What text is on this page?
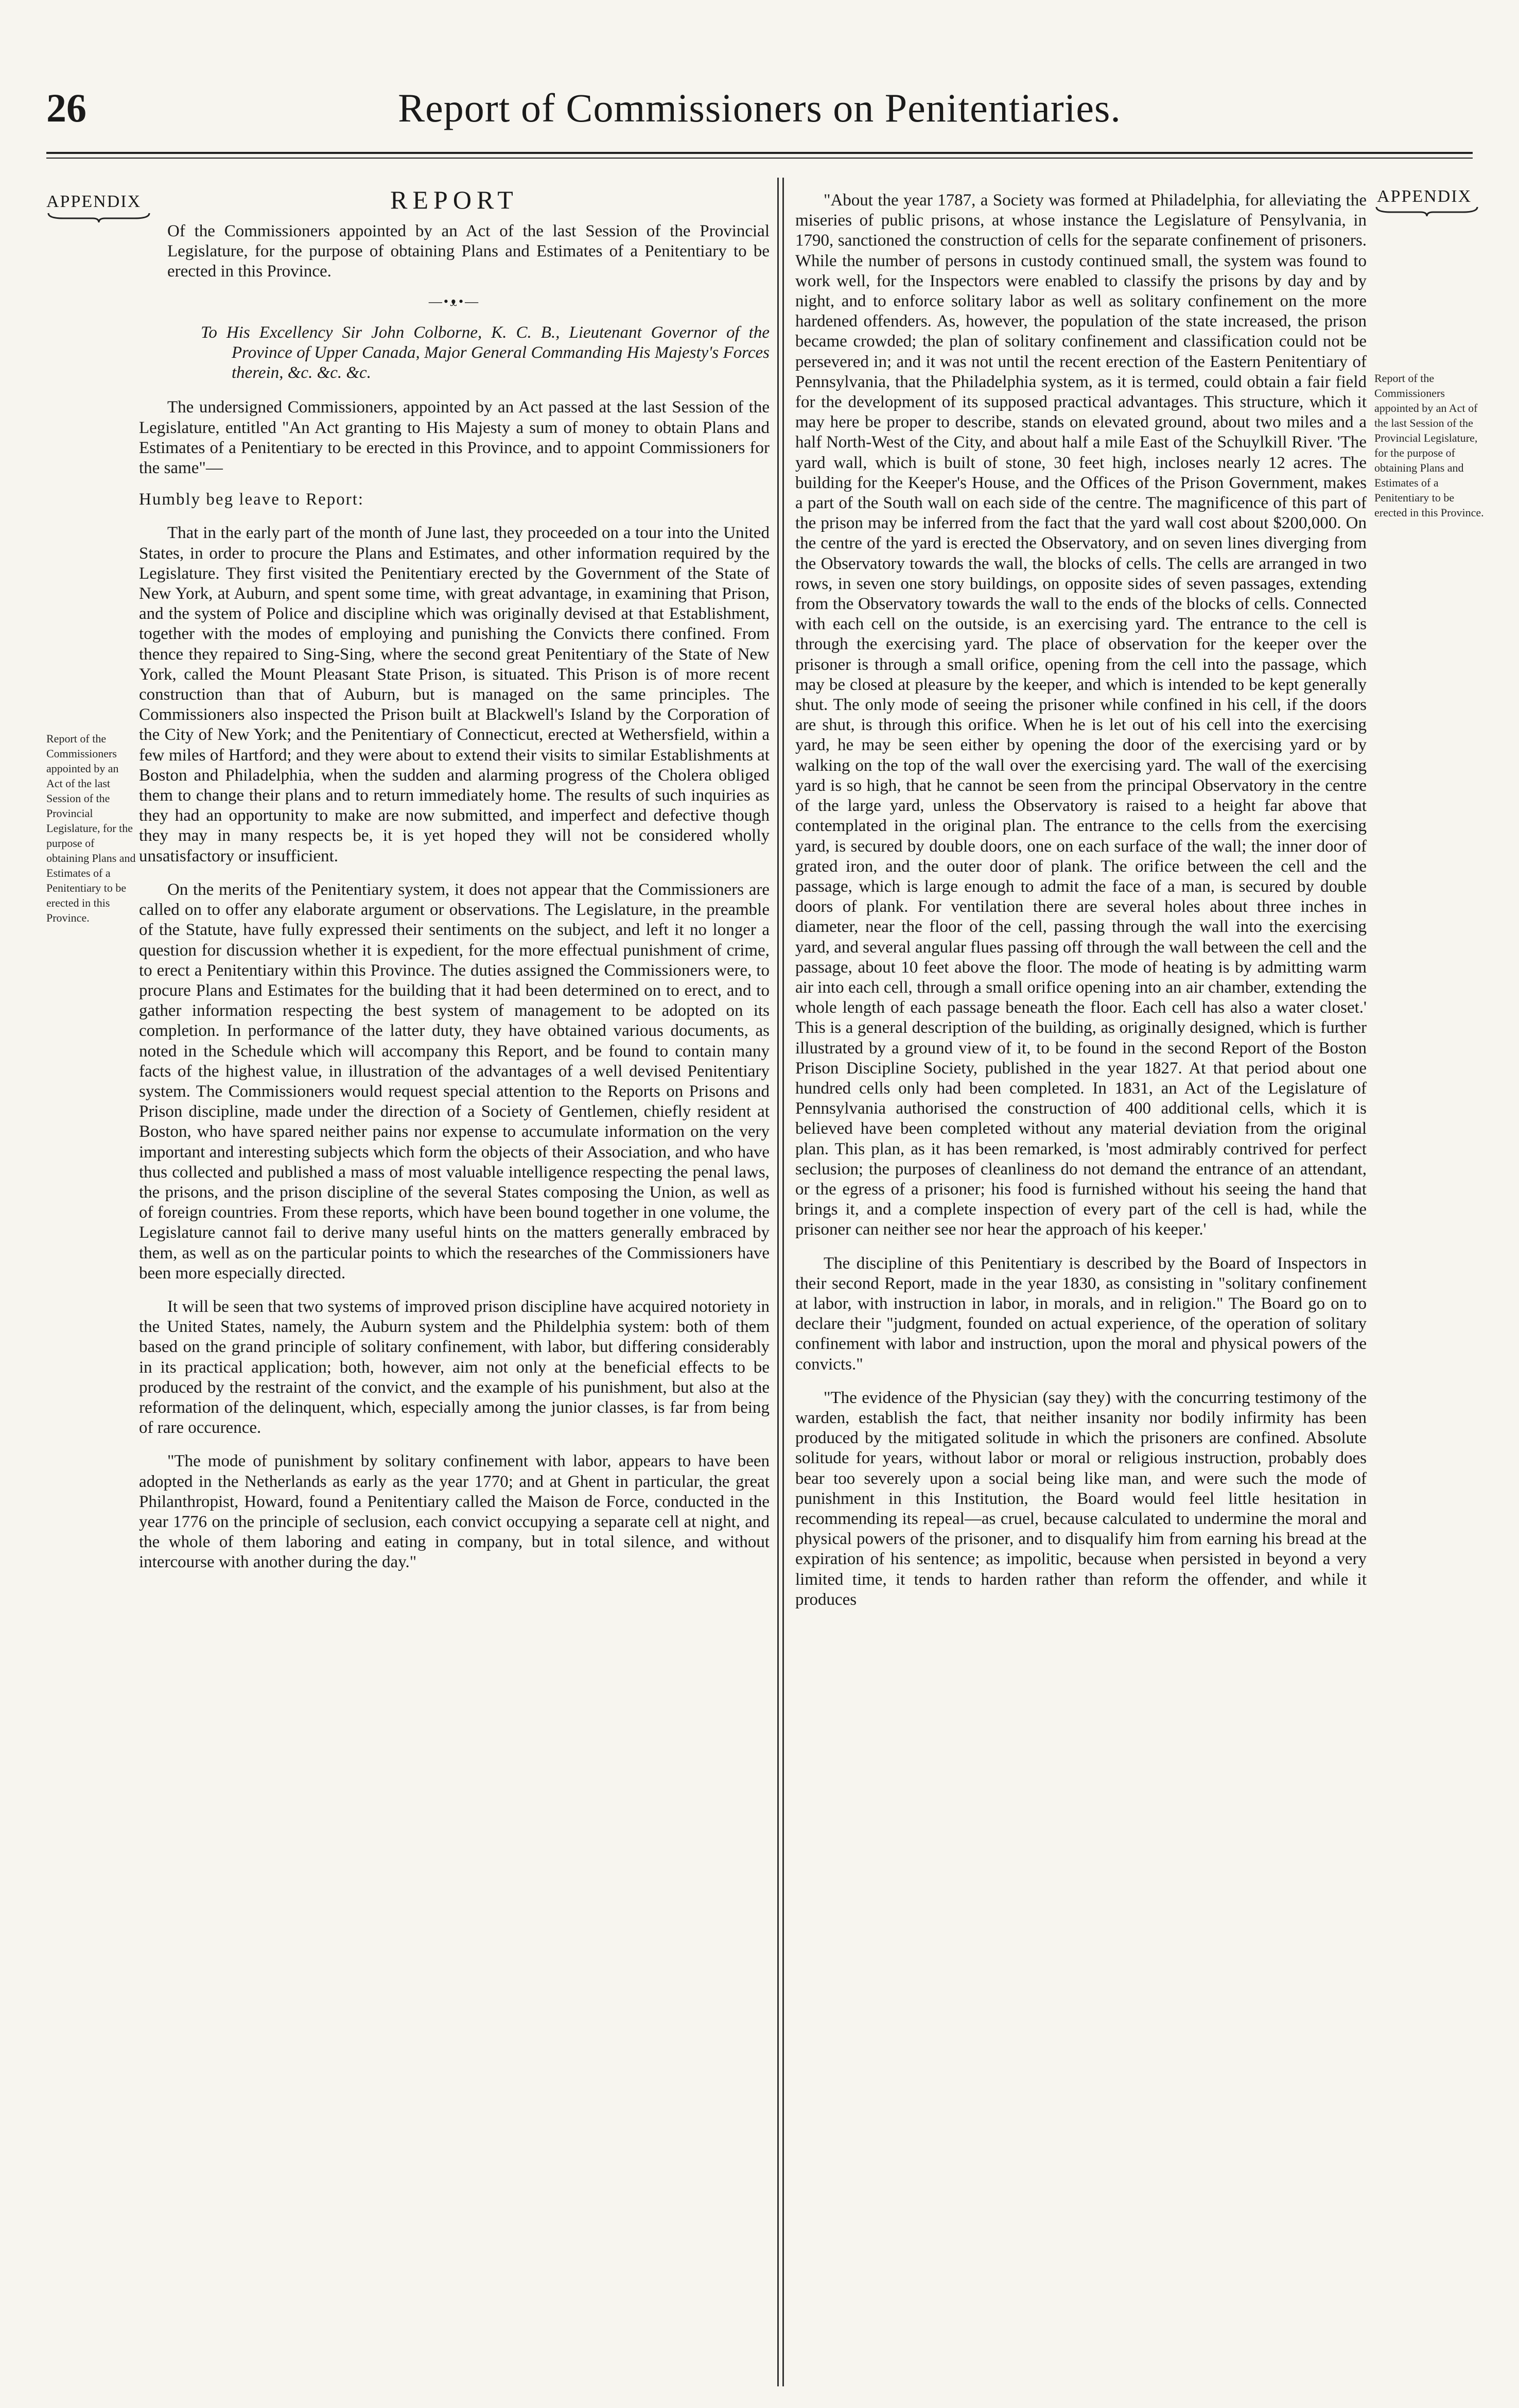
26	Report of Commissioners on Penitentiaries.
APPENDIX	APPENDIX
Report of the Commissioners appointed by an Act of the last Session of the Provincial Legislature, for the purpose of obtaining Plans and Estimates of a Penitentiary to be erected in this Province.
Report of the Commissioners appointed by an Act of the last Session of the Provincial Legislature, for the purpose of obtaining Plans and Estimates of a Penitentiary to be erected in this Province.
REPORT

Of the Commissioners appointed by an Act of the last Session of the Provincial Legislature, for the purpose of obtaining Plans and Estimates of a Penitentiary to be erected in this Province.

—•ᴥ•—

To His Excellency Sir John Colborne, K. C. B., Lieutenant Governor of the Province of Upper Canada, Major General Commanding His Majesty's Forces therein, &c. &c. &c.

The undersigned Commissioners, appointed by an Act passed at the last Session of the Legislature, entitled "An Act granting to His Majesty a sum of money to obtain Plans and Estimates of a Penitentiary to be erected in this Province, and to appoint Commissioners for the same"—

Humbly beg leave to Report:

That in the early part of the month of June last, they proceeded on a tour into the United States, in order to procure the Plans and Estimates, and other information required by the Legislature. They first visited the Penitentiary erected by the Government of the State of New York, at Auburn, and spent some time, with great advantage, in examining that Prison, and the system of Police and discipline which was originally devised at that Establishment, together with the modes of employing and punishing the Convicts there confined. From thence they repaired to Sing-Sing, where the second great Penitentiary of the State of New York, called the Mount Pleasant State Prison, is situated. This Prison is of more recent construction than that of Auburn, but is managed on the same principles. The Commissioners also inspected the Prison built at Blackwell's Island by the Corporation of the City of New York; and the Penitentiary of Connecticut, erected at Wethersfield, within a few miles of Hartford; and they were about to extend their visits to similar Establishments at Boston and Philadelphia, when the sudden and alarming progress of the Cholera obliged them to change their plans and to return immediately home. The results of such inquiries as they had an opportunity to make are now submitted, and imperfect and defective though they may in many respects be, it is yet hoped they will not be considered wholly unsatisfactory or insufficient.

On the merits of the Penitentiary system, it does not appear that the Commissioners are called on to offer any elaborate argument or observations. The Legislature, in the preamble of the Statute, have fully expressed their sentiments on the subject, and left it no longer a question for discussion whether it is expedient, for the more effectual punishment of crime, to erect a Penitentiary within this Province. The duties assigned the Commissioners were, to procure Plans and Estimates for the building that it had been determined on to erect, and to gather information respecting the best system of management to be adopted on its completion. In performance of the latter duty, they have obtained various documents, as noted in the Schedule which will accompany this Report, and be found to contain many facts of the highest value, in illustration of the advantages of a well devised Penitentiary system. The Commissioners would request special attention to the Reports on Prisons and Prison discipline, made under the direction of a Society of Gentlemen, chiefly resident at Boston, who have spared neither pains nor expense to accumulate information on the very important and interesting subjects which form the objects of their Association, and who have thus collected and published a mass of most valuable intelligence respecting the penal laws, the prisons, and the prison discipline of the several States composing the Union, as well as of foreign countries. From these reports, which have been bound together in one volume, the Legislature cannot fail to derive many useful hints on the matters generally embraced by them, as well as on the particular points to which the researches of the Commissioners have been more especially directed.

It will be seen that two systems of improved prison discipline have acquired notoriety in the United States, namely, the Auburn system and the Phildelphia system: both of them based on the grand principle of solitary confinement, with labor, but differing considerably in its practical application; both, however, aim not only at the beneficial effects to be produced by the restraint of the convict, and the example of his punishment, but also at the reformation of the delinquent, which, especially among the junior classes, is far from being of rare occurence.

"The mode of punishment by solitary confinement with labor, appears to have been adopted in the Netherlands as early as the year 1770; and at Ghent in particular, the great Philanthropist, Howard, found a Penitentiary called the Maison de Force, conducted in the year 1776 on the principle of seclusion, each convict occupying a separate cell at night, and the whole of them laboring and eating in company, but in total silence, and without intercourse with another during the day."

"About the year 1787, a Society was formed at Philadelphia, for alleviating the miseries of public prisons, at whose instance the Legislature of Pensylvania, in 1790, sanctioned the construction of cells for the separate confinement of prisoners. While the number of persons in custody continued small, the system was found to work well, for the Inspectors were enabled to classify the prisons by day and by night, and to enforce solitary labor as well as solitary confinement on the more hardened offenders. As, however, the population of the state increased, the prison became crowded; the plan of solitary confinement and classification could not be persevered in; and it was not until the recent erection of the Eastern Penitentiary of Pennsylvania, that the Philadelphia system, as it is termed, could obtain a fair field for the development of its supposed practical advantages. This structure, which it may here be proper to describe, stands on elevated ground, about two miles and a half North-West of the City, and about half a mile East of the Schuylkill River. 'The yard wall, which is built of stone, 30 feet high, incloses nearly 12 acres. The building for the Keeper's House, and the Offices of the Prison Government, makes a part of the South wall on each side of the centre. The magnificence of this part of the prison may be inferred from the fact that the yard wall cost about $200,000. On the centre of the yard is erected the Observatory, and on seven lines diverging from the Observatory towards the wall, the blocks of cells. The cells are arranged in two rows, in seven one story buildings, on opposite sides of seven passages, extending from the Observatory towards the wall to the ends of the blocks of cells. Connected with each cell on the outside, is an exercising yard. The entrance to the cell is through the exercising yard. The place of observation for the keeper over the prisoner is through a small orifice, opening from the cell into the passage, which may be closed at pleasure by the keeper, and which is intended to be kept generally shut. The only mode of seeing the prisoner while confined in his cell, if the doors are shut, is through this orifice. When he is let out of his cell into the exercising yard, he may be seen either by opening the door of the exercising yard or by walking on the top of the wall over the exercising yard. The wall of the exercising yard is so high, that he cannot be seen from the principal Observatory in the centre of the large yard, unless the Observatory is raised to a height far above that contemplated in the original plan. The entrance to the cells from the exercising yard, is secured by double doors, one on each surface of the wall; the inner door of grated iron, and the outer door of plank. The orifice between the cell and the passage, which is large enough to admit the face of a man, is secured by double doors of plank. For ventilation there are several holes about three inches in diameter, near the floor of the cell, passing through the wall into the exercising yard, and several angular flues passing off through the wall between the cell and the passage, about 10 feet above the floor. The mode of heating is by admitting warm air into each cell, through a small orifice opening into an air chamber, extending the whole length of each passage beneath the floor. Each cell has also a water closet.' This is a general description of the building, as originally designed, which is further illustrated by a ground view of it, to be found in the second Report of the Boston Prison Discipline Society, published in the year 1827. At that period about one hundred cells only had been completed. In 1831, an Act of the Legislature of Pennsylvania authorised the construction of 400 additional cells, which it is believed have been completed without any material deviation from the original plan. This plan, as it has been remarked, is 'most admirably contrived for perfect seclusion; the purposes of cleanliness do not demand the entrance of an attendant, or the egress of a prisoner; his food is furnished without his seeing the hand that brings it, and a complete inspection of every part of the cell is had, while the prisoner can neither see nor hear the approach of his keeper.'

The discipline of this Penitentiary is described by the Board of Inspectors in their second Report, made in the year 1830, as consisting in "solitary confinement at labor, with instruction in labor, in morals, and in religion." The Board go on to declare their "judgment, founded on actual experience, of the operation of solitary confinement with labor and instruction, upon the moral and physical powers of the convicts."

"The evidence of the Physician (say they) with the concurring testimony of the warden, establish the fact, that neither insanity nor bodily infirmity has been produced by the mitigated solitude in which the prisoners are confined. Absolute solitude for years, without labor or moral or religious instruction, probably does bear too severely upon a social being like man, and were such the mode of punishment in this Institution, the Board would feel little hesitation in recommending its repeal—as cruel, because calculated to undermine the moral and physical powers of the prisoner, and to disqualify him from earning his bread at the expiration of his sentence; as impolitic, because when persisted in beyond a very limited time, it tends to harden rather than reform the offender, and while it produces
